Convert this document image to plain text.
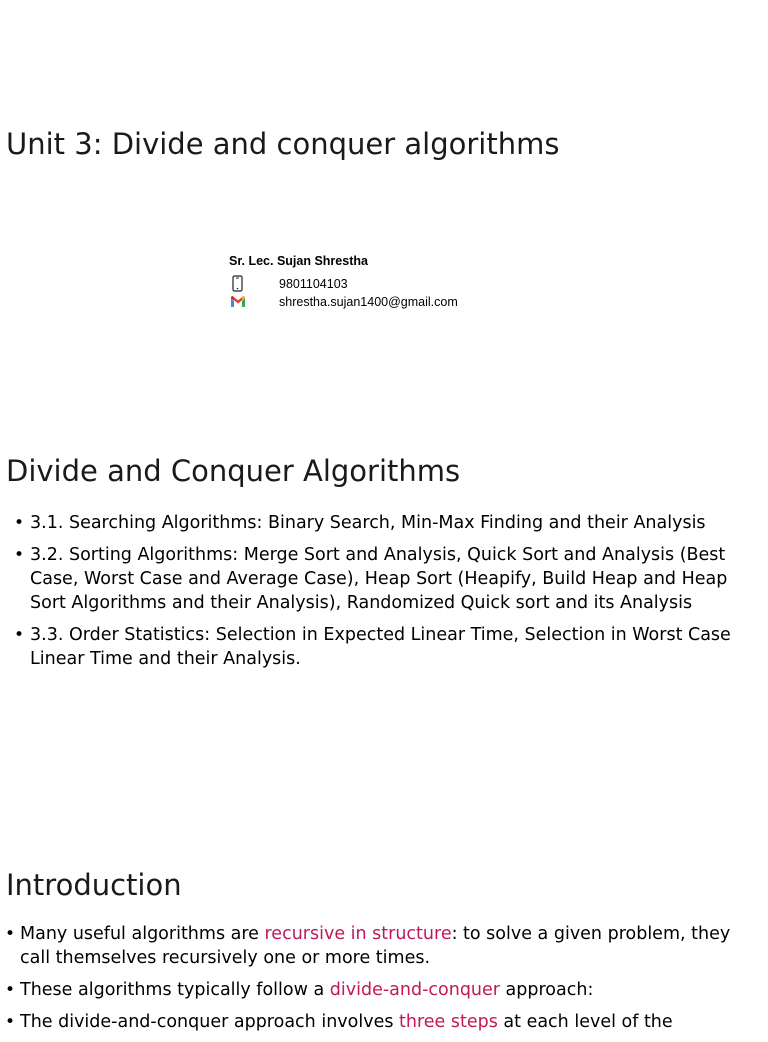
Unit 3: Divide and conquer algorithms
Sr. Lec. Sujan Shrestha
9801104103
shrestha.sujan1400@gmail.com
Divide and Conquer Algorithms
• 3.1. Searching Algorithms: Binary Search, Min-Max Finding and their Analysis
• 3.2. Sorting Algorithms: Merge Sort and Analysis, Quick Sort and Analysis (Best Case, Worst Case and Average Case), Heap Sort (Heapify, Build Heap and Heap Sort Algorithms and their Analysis), Randomized Quick sort and its Analysis
• 3.3. Order Statistics: Selection in Expected Linear Time, Selection in Worst Case Linear Time and their Analysis.
Introduction
• Many useful algorithms are recursive in structure: to solve a given problem, they call themselves recursively one or more times.
• These algorithms typically follow a divide-and-conquer approach:
• The divide-and-conquer approach involves three steps at each level of the
